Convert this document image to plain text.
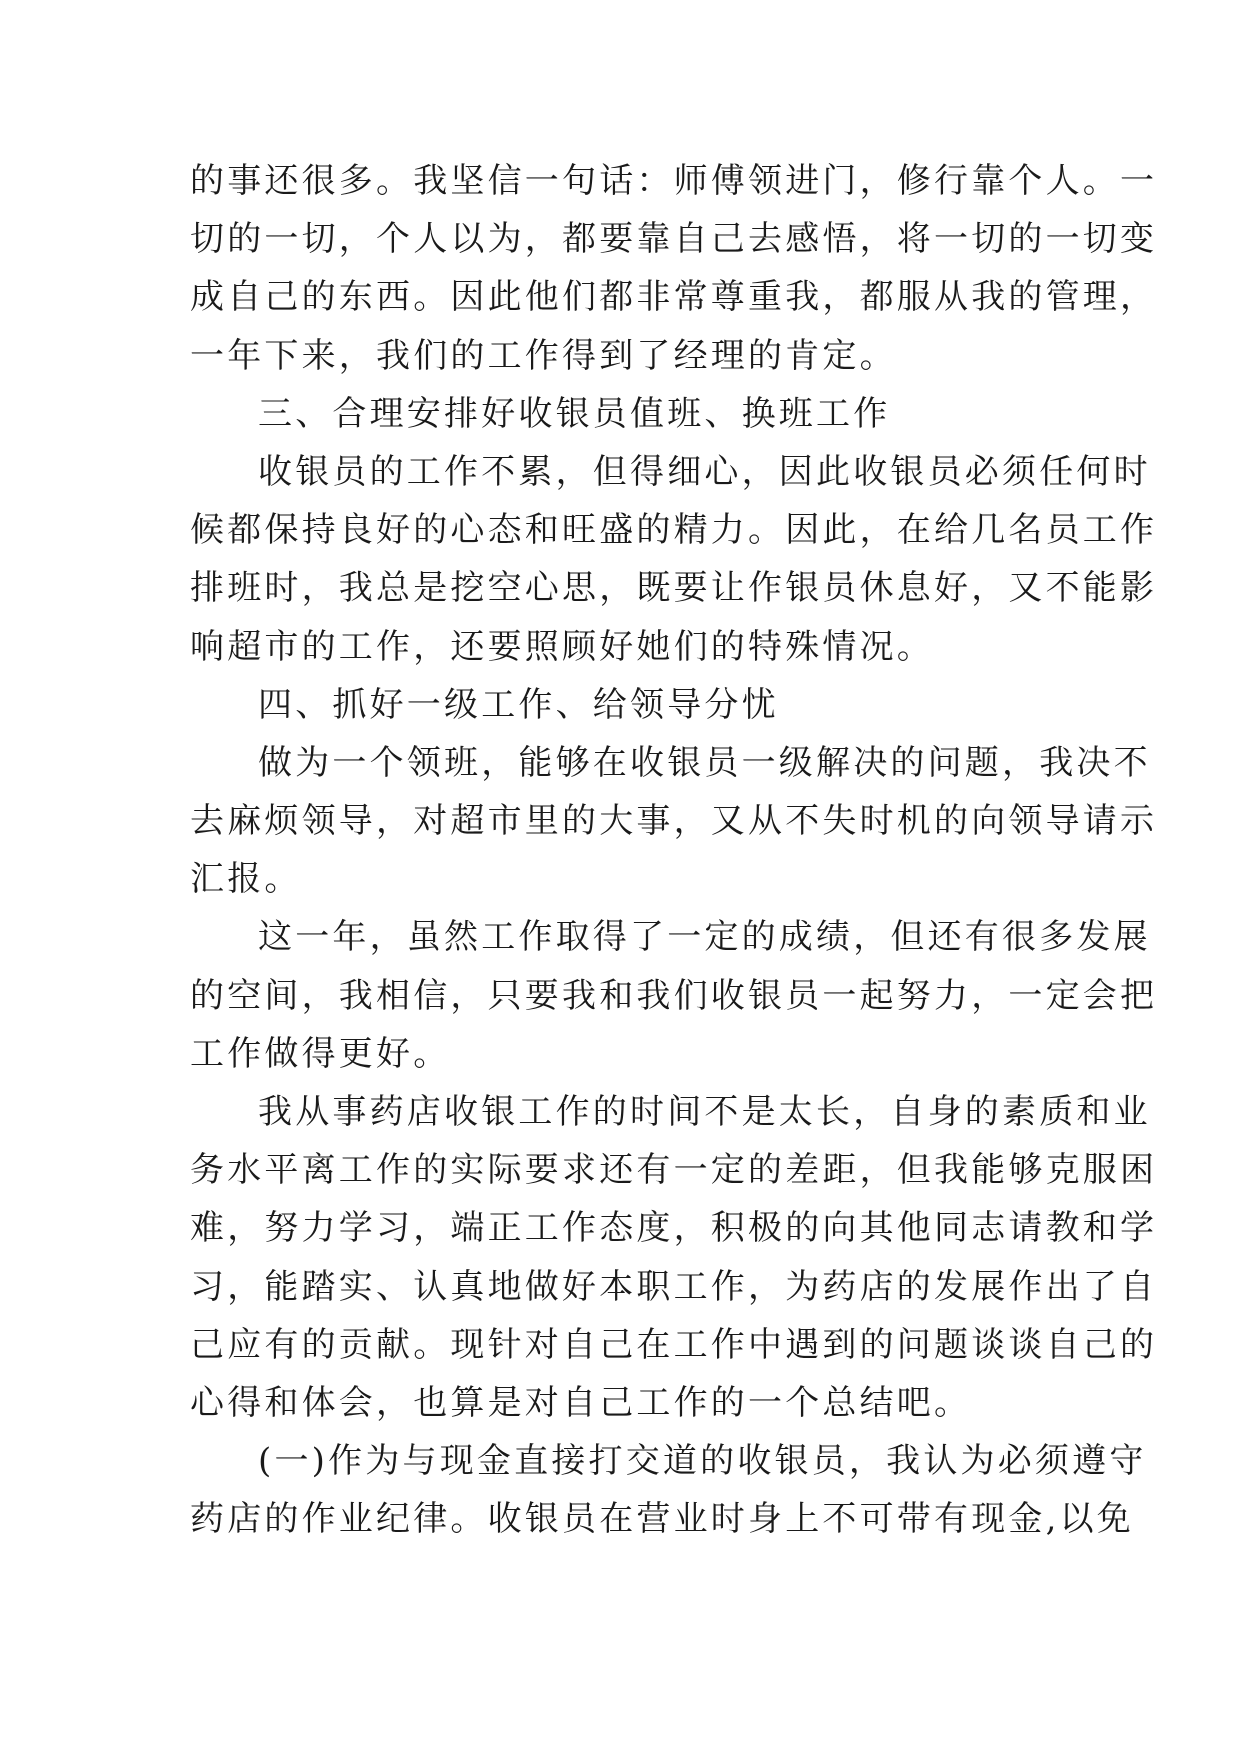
的事还很多。我坚信一句话：师傅领进门，修行靠个人。一
切的一切，个人以为，都要靠自己去感悟，将一切的一切变
成自己的东西。因此他们都非常尊重我，都服从我的管理，
一年下来，我们的工作得到了经理的肯定。
三、合理安排好收银员值班、换班工作
收银员的工作不累，但得细心，因此收银员必须任何时
候都保持良好的心态和旺盛的精力。因此，在给几名员工作
排班时，我总是挖空心思，既要让作银员休息好，又不能影
响超市的工作，还要照顾好她们的特殊情况。
四、抓好一级工作、给领导分忧
做为一个领班，能够在收银员一级解决的问题，我决不
去麻烦领导，对超市里的大事，又从不失时机的向领导请示
汇报。
这一年，虽然工作取得了一定的成绩，但还有很多发展
的空间，我相信，只要我和我们收银员一起努力，一定会把
工作做得更好。
我从事药店收银工作的时间不是太长，自身的素质和业
务水平离工作的实际要求还有一定的差距，但我能够克服困
难，努力学习，端正工作态度，积极的向其他同志请教和学
习，能踏实、认真地做好本职工作，为药店的发展作出了自
己应有的贡献。现针对自己在工作中遇到的问题谈谈自己的
心得和体会，也算是对自己工作的一个总结吧。
(一)作为与现金直接打交道的收银员，我认为必须遵守
药店的作业纪律。收银员在营业时身上不可带有现金,以免
